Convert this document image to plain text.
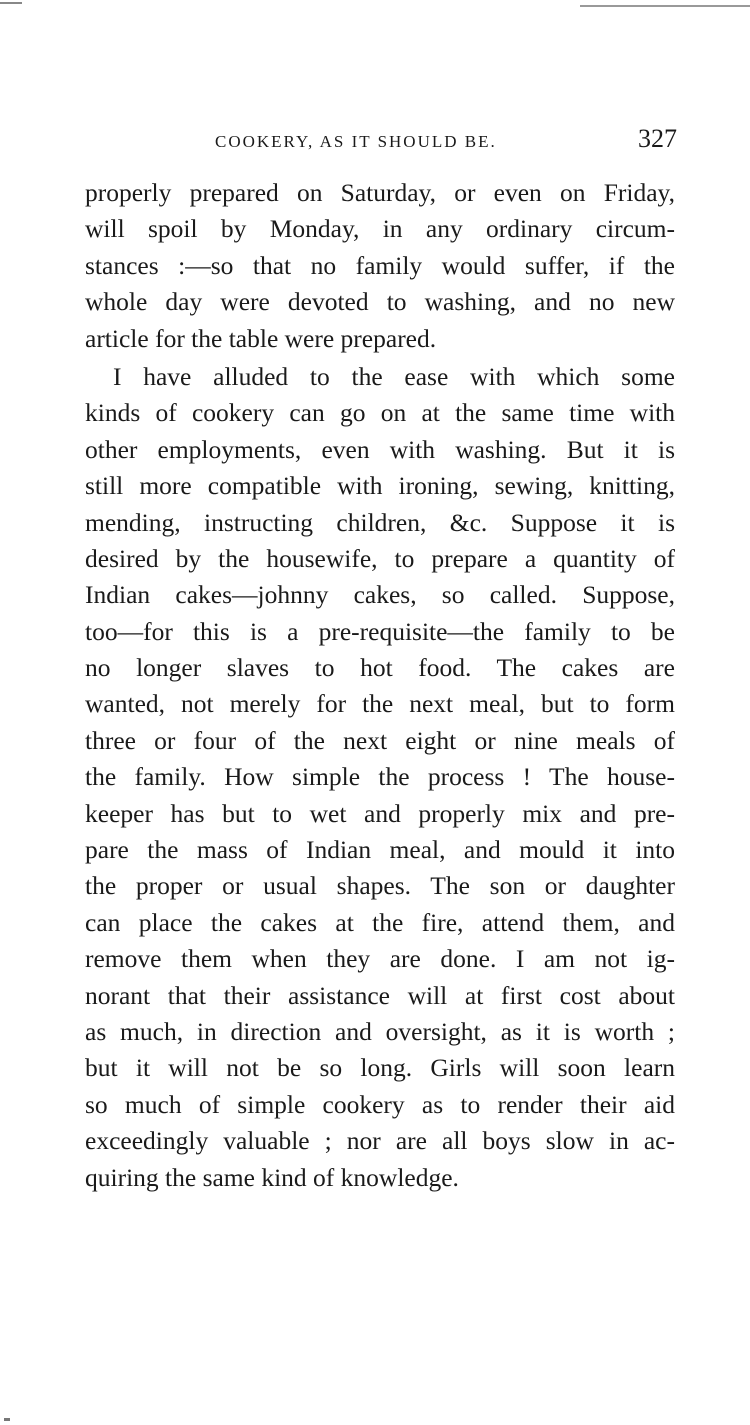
COOKERY, AS IT SHOULD BE.	327
properly prepared on Saturday, or even on Friday,
will spoil by Monday, in any ordinary circum-
stances :—so that no family would suffer, if the
whole day were devoted to washing, and no new
article for the table were prepared.
I have alluded to the ease with which some
kinds of cookery can go on at the same time with
other employments, even with washing. But it is
still more compatible with ironing, sewing, knitting,
mending, instructing children, &c. Suppose it is
desired by the housewife, to prepare a quantity of
Indian cakes—johnny cakes, so called. Suppose,
too—for this is a pre-requisite—the family to be
no longer slaves to hot food. The cakes are
wanted, not merely for the next meal, but to form
three or four of the next eight or nine meals of
the family. How simple the process ! The house-
keeper has but to wet and properly mix and pre-
pare the mass of Indian meal, and mould it into
the proper or usual shapes. The son or daughter
can place the cakes at the fire, attend them, and
remove them when they are done. I am not ig-
norant that their assistance will at first cost about
as much, in direction and oversight, as it is worth ;
but it will not be so long. Girls will soon learn
so much of simple cookery as to render their aid
exceedingly valuable ; nor are all boys slow in ac-
quiring the same kind of knowledge.
